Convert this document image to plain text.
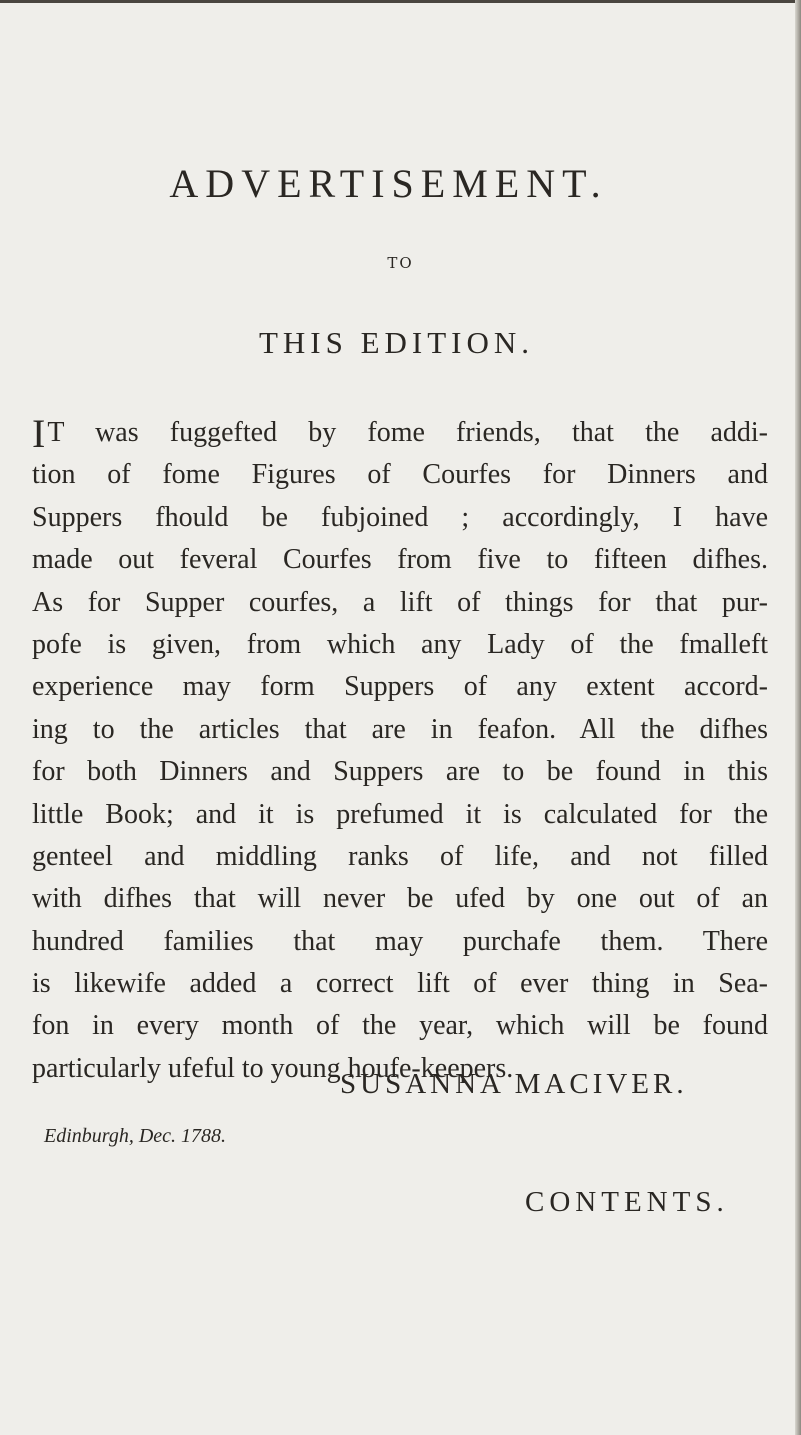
ADVERTISEMENT.
TO
THIS EDITION.
IT was fuggefted by fome friends, that the addi-
tion of fome Figures of Courfes for Dinners and
Suppers fhould be fubjoined ; accordingly, I have
made out feveral Courfes from five to fifteen difhes.
As for Supper courfes, a lift of things for that pur-
pofe is given, from which any Lady of the fmalleft
experience may form Suppers of any extent accord-
ing to the articles that are in feafon. All the difhes
for both Dinners and Suppers are to be found in this
little Book; and it is prefumed it is calculated for the
genteel and middling ranks of life, and not filled
with difhes that will never be ufed by one out of an
hundred families that may purchafe them. There
is likewife added a correct lift of ever thing in Sea-
fon in every month of the year, which will be found
particularly ufeful to young houfe-keepers.
SUSANNA MACIVER.
Edinburgh, Dec. 1788.
CONTENTS.
